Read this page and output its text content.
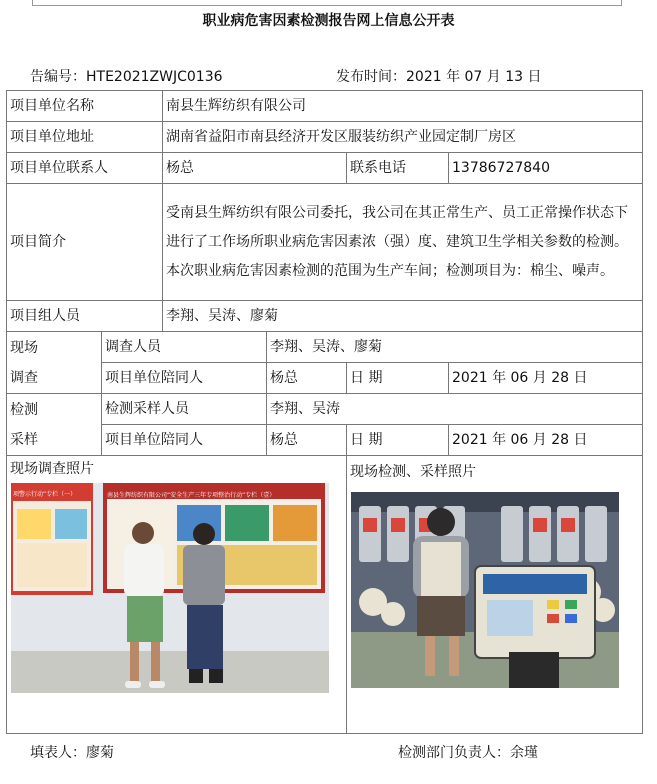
职业病危害因素检测报告网上信息公开表
告编号：HTE2021ZWJC0136	发布时间：2021 年 07 月 13 日
项目单位名称		南县生辉纺织有限公司			
项目单位地址		湖南省益阳市南县经济开发区服装纺织产业园定制厂房区			
项目单位联系人		杨总		联系电话	13786727840
项目简介		受南县生辉纺织有限公司委托，我公司在其正常生产、员工正常操作状态下进行了工作场所职业病危害因素浓（强）度、建筑卫生学相关参数的检测。本次职业病危害因素检测的范围为生产车间；检测项目为：棉尘、噪声。			
项目组人员		李翔、吴涛、廖菊			

现场
调查	调查人员		李翔、吴涛、廖菊		
	项目单位陪同人		杨总	日 期	2021 年 06 月 28 日

检测
采样	检测采样人员		李翔、吴涛		
	项目单位陪同人		杨总	日 期	2021 年 06 月 28 日

现场调查照片
项警示行动”专栏（一） 南县生辉纺织有限公司“安全生产三年专项整治行动”专栏（壹）				现场检测、采样照片	
填表人：廖菊	检测部门负责人：余瑾
